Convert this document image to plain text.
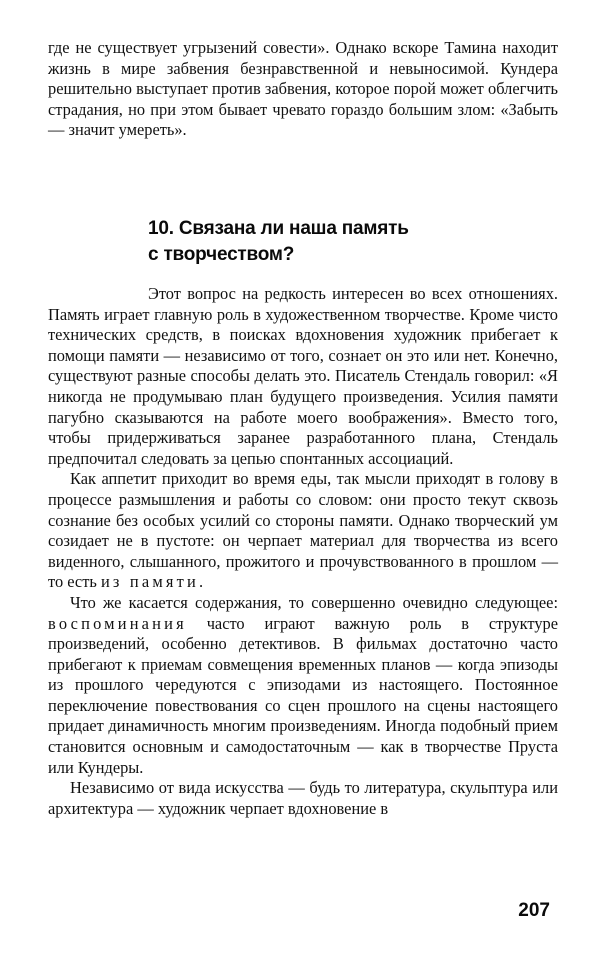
где не существует угрызений совести». Однако вскоре Тамина находит жизнь в мире забвения безнравственной и невыносимой. Кундера решительно выступает против забвения, которое порой может облегчить страдания, но при этом бывает чревато гораздо большим злом: «Забыть — значит умереть».

10. Связана ли наша память
с творчеством?

Этот вопрос на редкость интересен во всех отношениях. Память играет главную роль в художественном творчестве. Кроме чисто технических средств, в поисках вдохновения художник прибегает к помощи памяти — независимо от того, сознает он это или нет. Конечно, существуют разные способы делать это. Писатель Стендаль говорил: «Я никогда не продумываю план будущего произведения. Усилия памяти пагубно сказываются на работе моего воображения». Вместо того, чтобы придерживаться заранее разработанного плана, Стендаль предпочитал следовать за цепью спонтанных ассоциаций.

Как аппетит приходит во время еды, так мысли приходят в голову в процессе размышления и работы со словом: они просто текут сквозь сознание без особых усилий со стороны памяти. Однако творческий ум созидает не в пустоте: он черпает материал для творчества из всего виденного, слышанного, прожитого и прочувствованного в прошлом — то есть из памяти.

Что же касается содержания, то совершенно очевидно следующее: воспоминания часто играют важную роль в структуре произведений, особенно детективов. В фильмах достаточно часто прибегают к приемам совмещения временных планов — когда эпизоды из прошлого чередуются с эпизодами из настоящего. Постоянное переключение повествования со сцен прошлого на сцены настоящего придает динамичность многим произведениям. Иногда подобный прием становится основным и самодостаточным — как в творчестве Пруста или Кундеры.

Независимо от вида искусства — будь то литература, скульптура или архитектура — художник черпает вдохновение в

207
